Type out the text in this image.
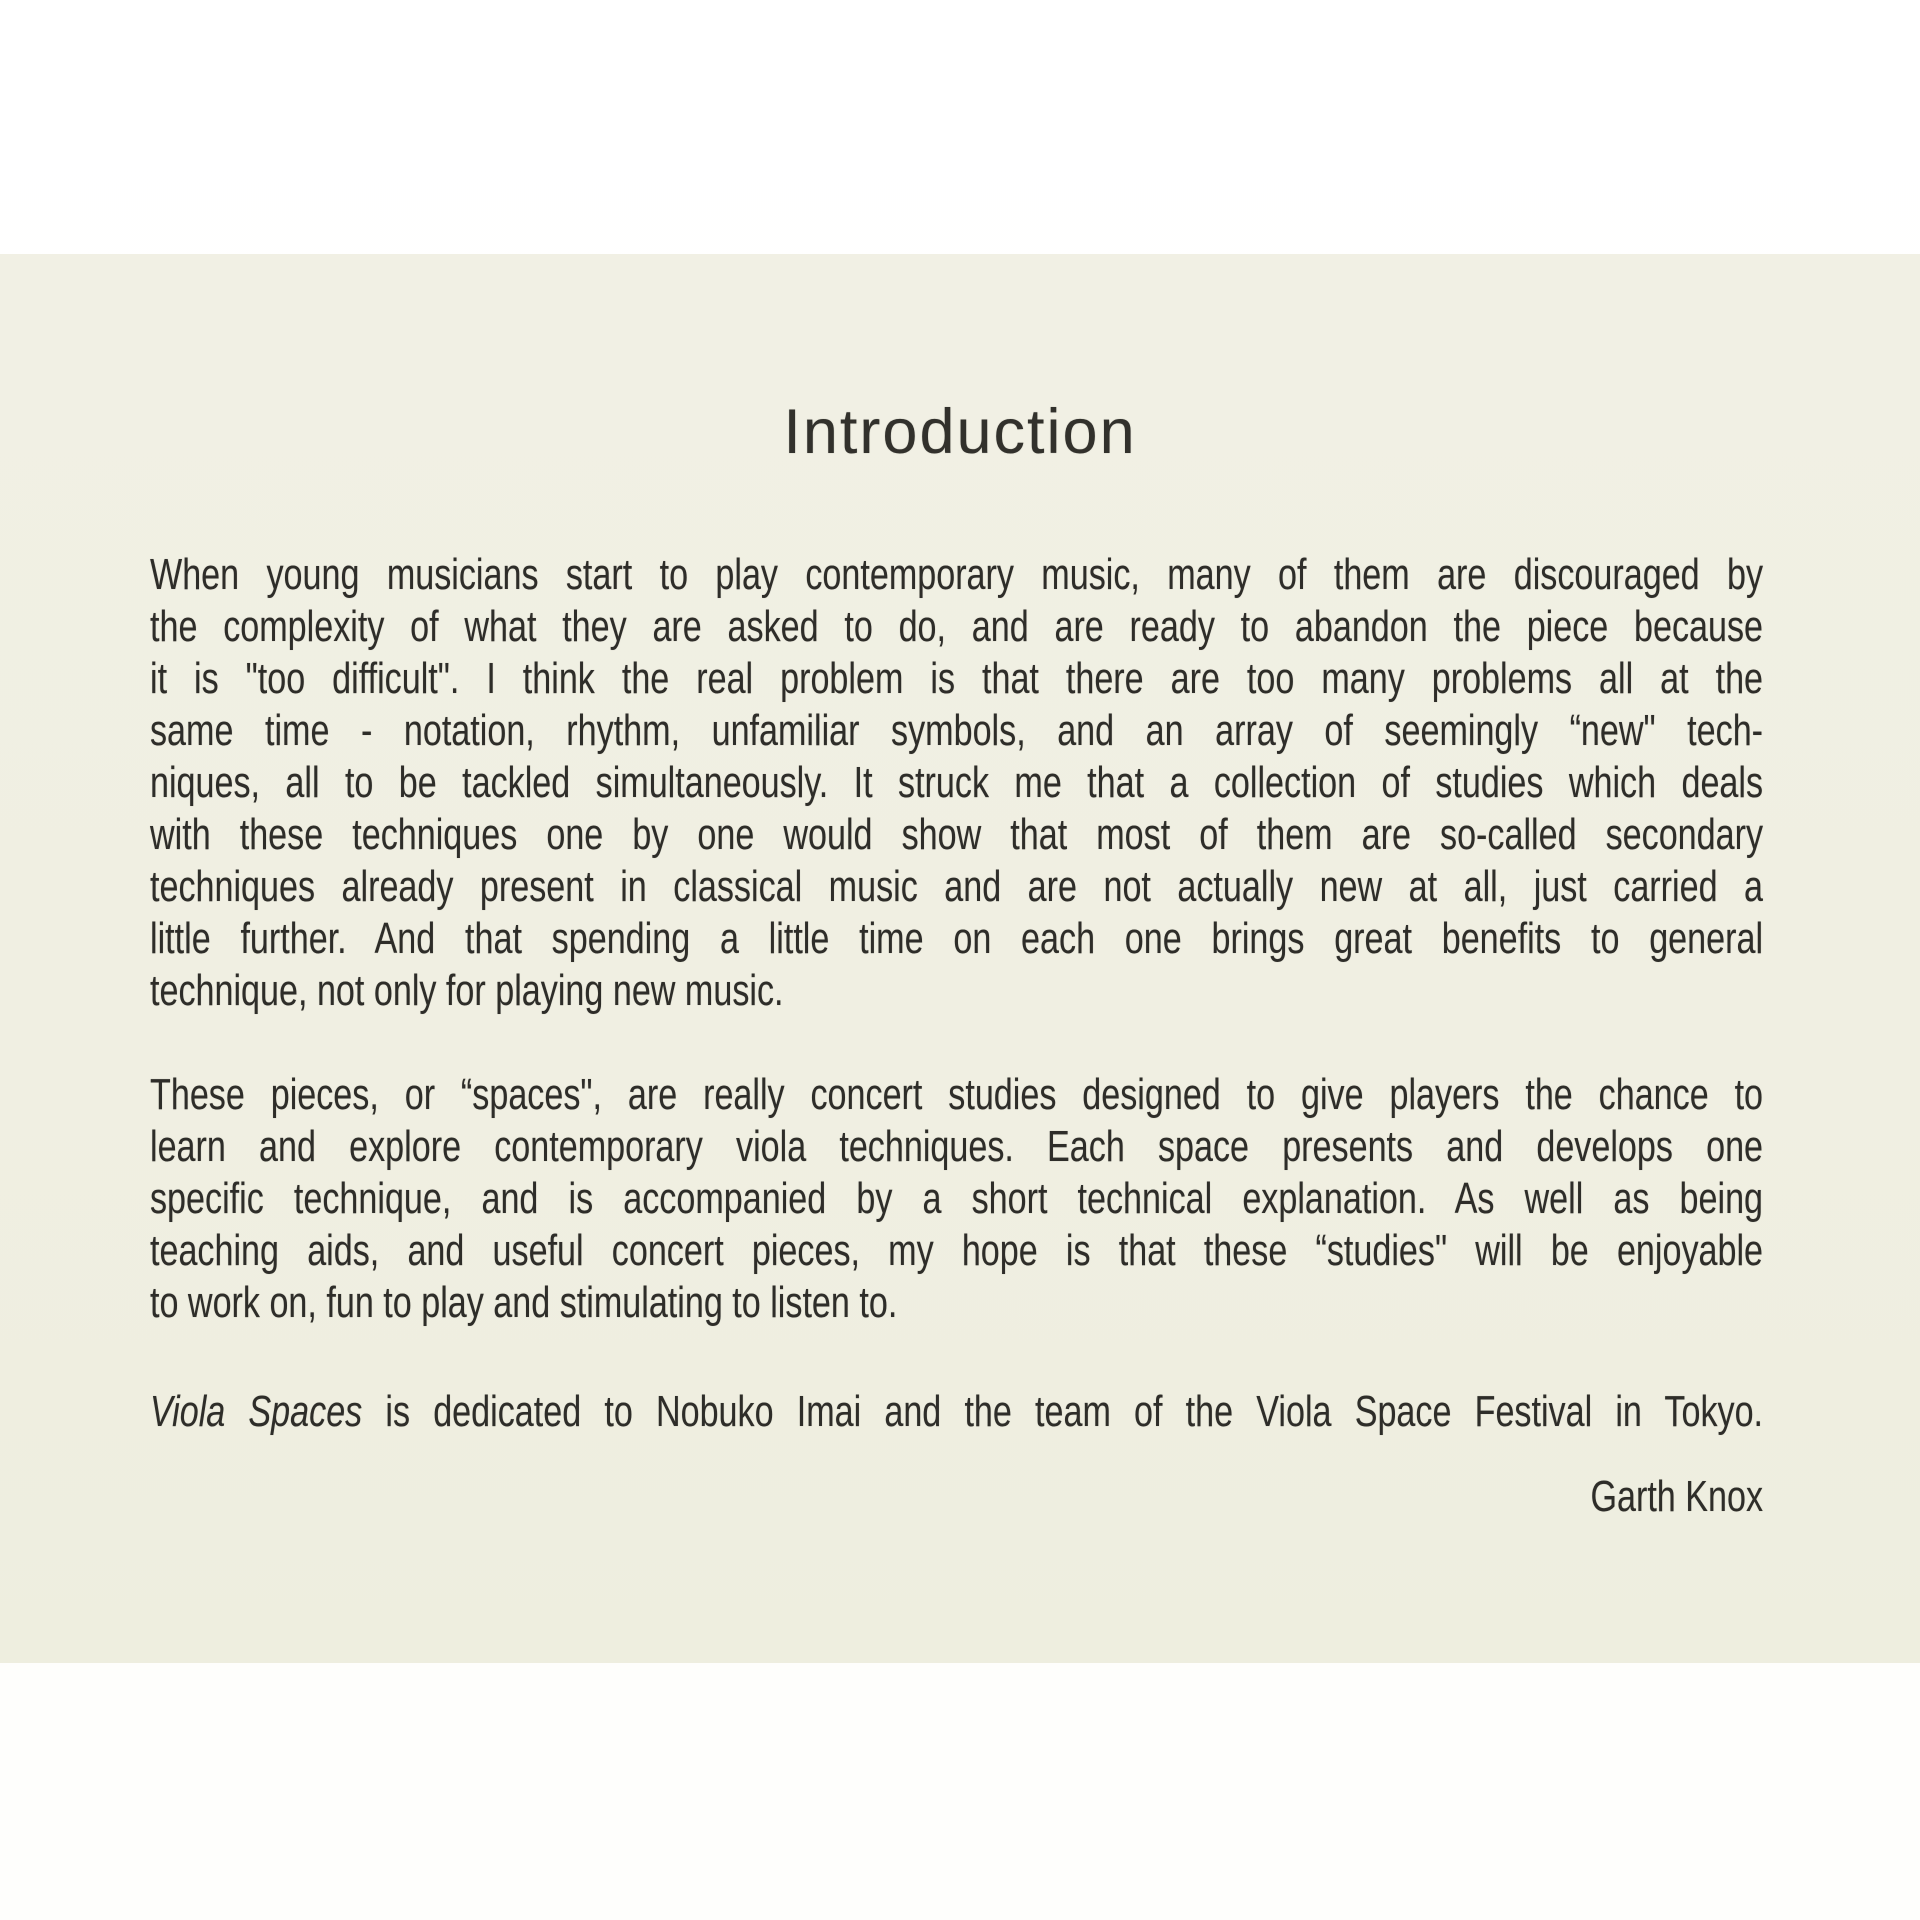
Introduction
When young musicians start to play contemporary music, many of them are discouraged by
the complexity of what they are asked to do, and are ready to abandon the piece because
it is "too difficult". I think the real problem is that there are too many problems all at the
same time - notation, rhythm, unfamiliar symbols, and an array of seemingly “new" tech-
niques, all to be tackled simultaneously. It struck me that a collection of studies which deals
with these techniques one by one would show that most of them are so-called secondary
techniques already present in classical music and are not actually new at all, just carried a
little further. And that spending a little time on each one brings great benefits to general
technique, not only for playing new music.
These pieces, or “spaces", are really concert studies designed to give players the chance to
learn and explore contemporary viola techniques. Each space presents and develops one
specific technique, and is accompanied by a short technical explanation. As well as being
teaching aids, and useful concert pieces, my hope is that these “studies" will be enjoyable
to work on, fun to play and stimulating to listen to.
Viola Spaces is dedicated to Nobuko Imai and the team of the Viola Space Festival in Tokyo.
Garth Knox
